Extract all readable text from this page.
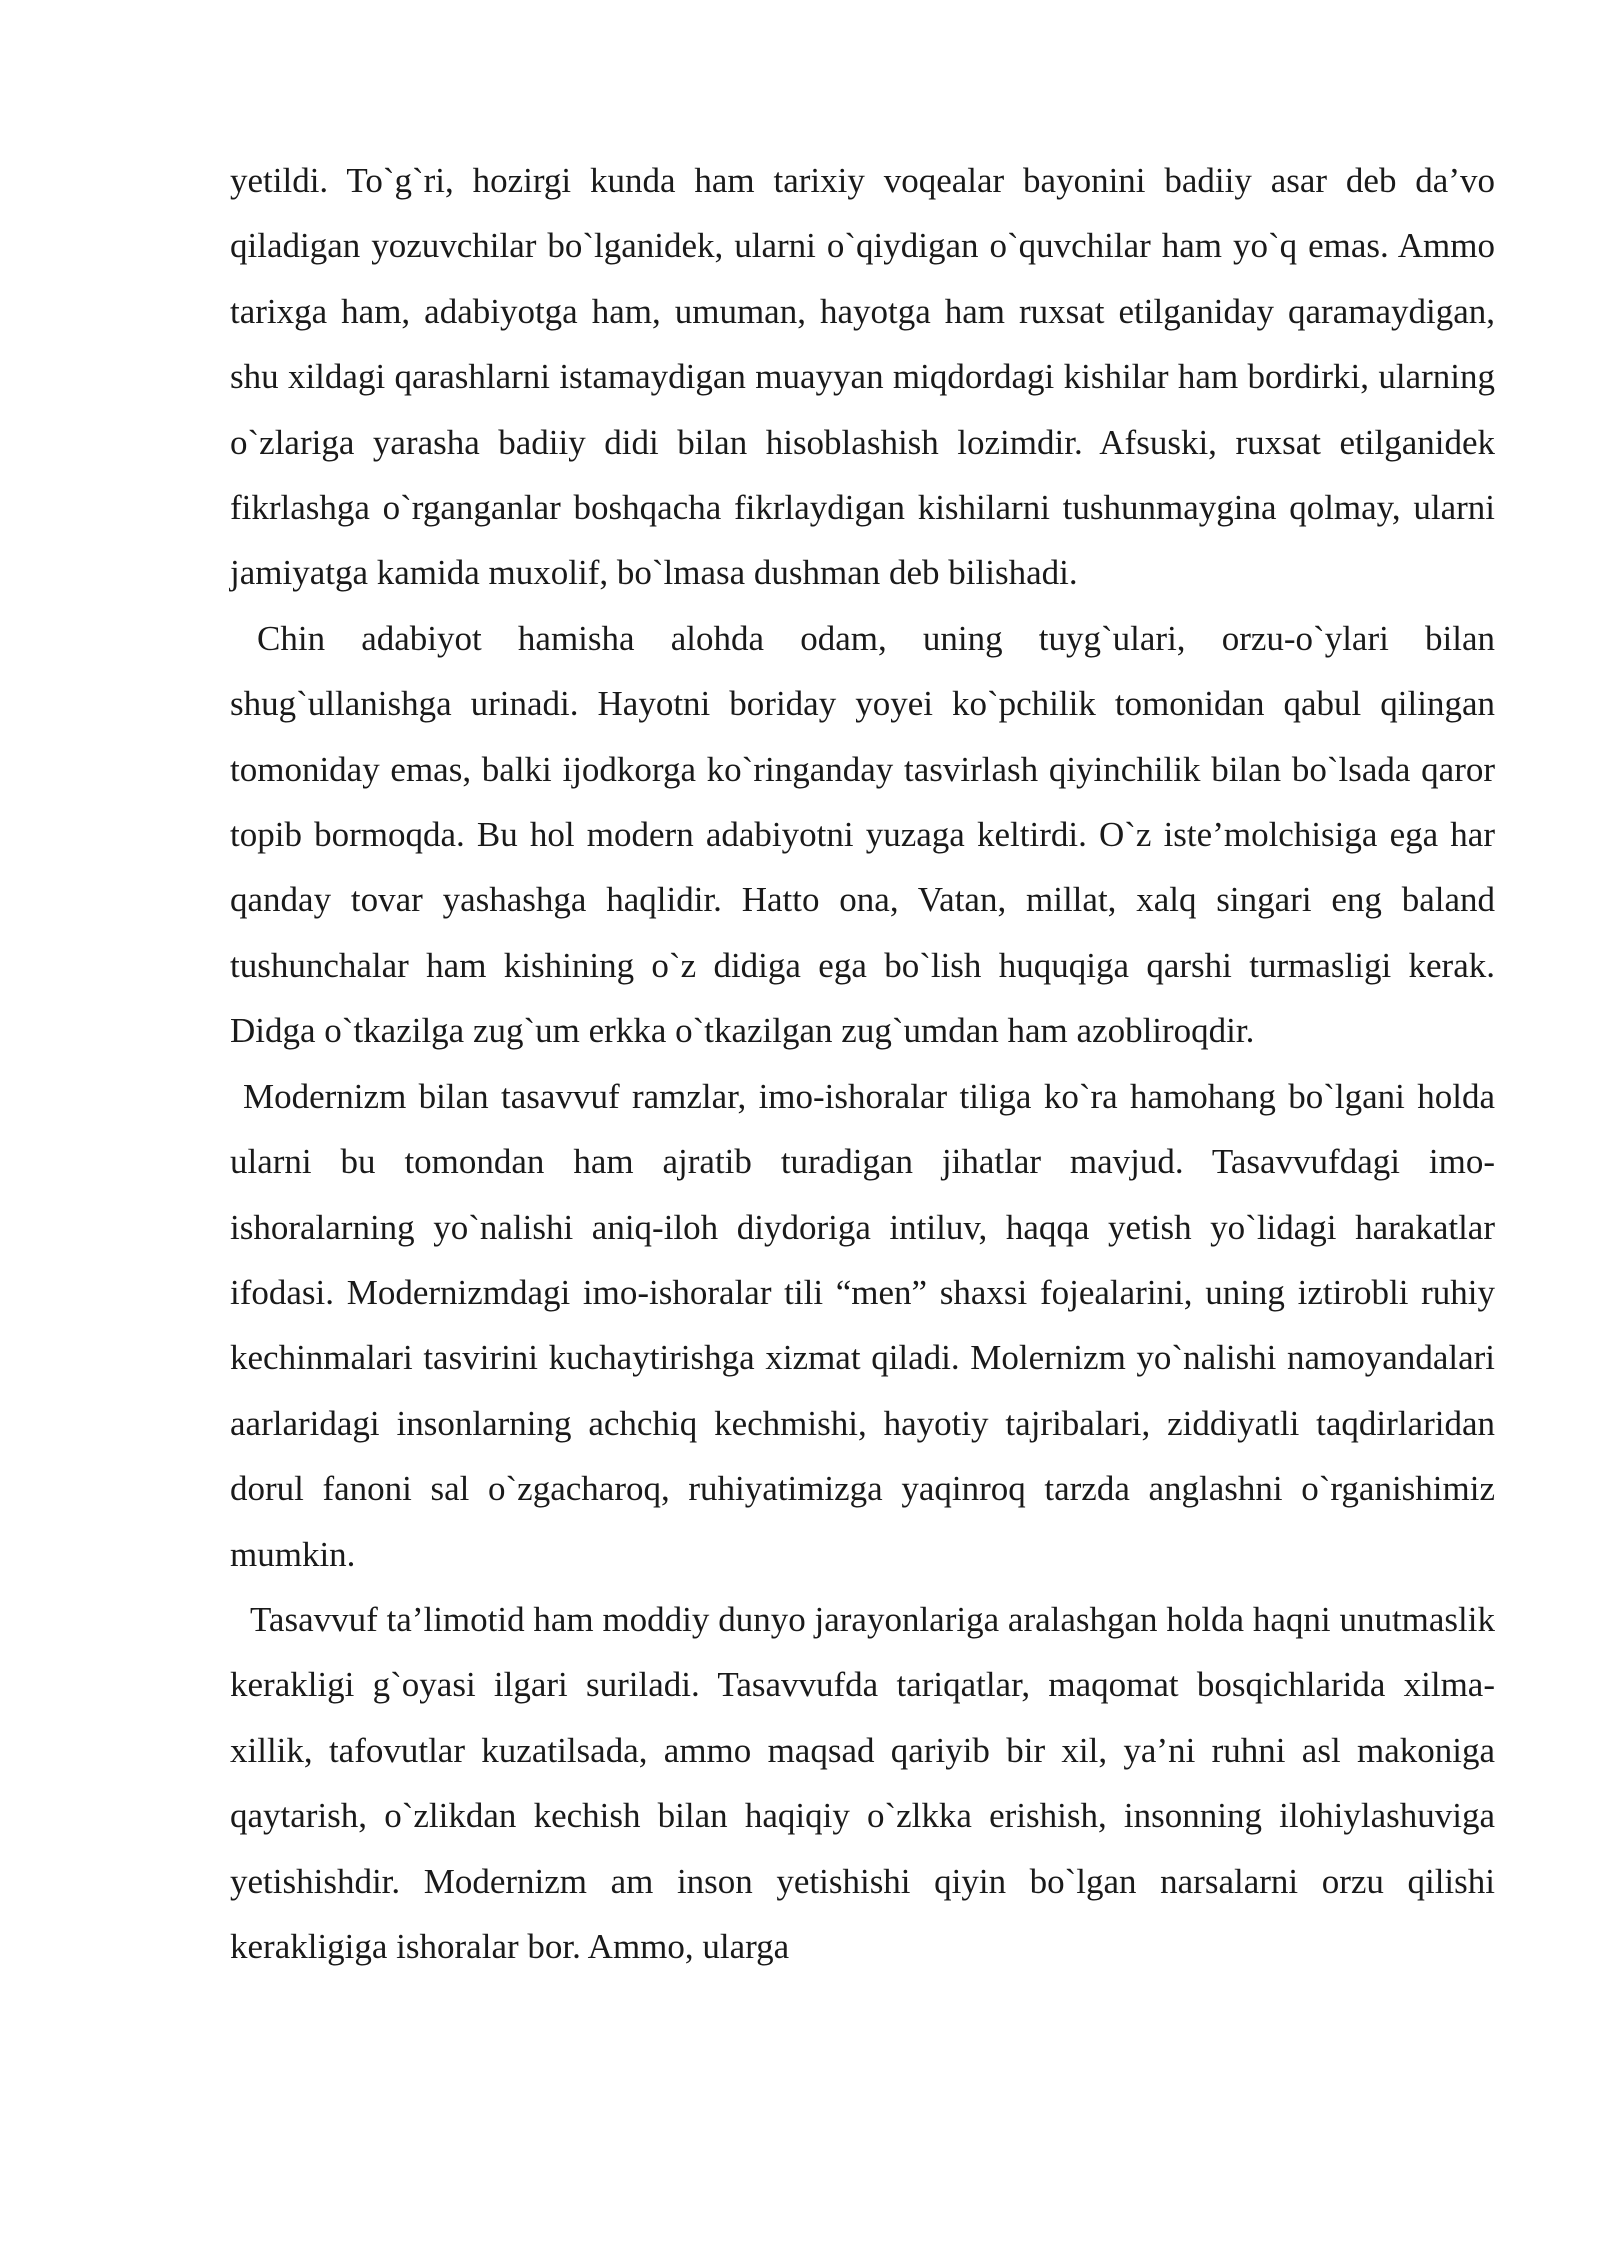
yetildi. To`g`ri, hozirgi kunda ham tarixiy voqealar bayonini badiiy asar deb da’vo qiladigan yozuvchilar bo`lganidek, ularni o`qiydigan o`quvchilar ham yo`q emas. Ammo tarixga ham, adabiyotga ham, umuman, hayotga ham ruxsat etilganiday qaramaydigan, shu xildagi qarashlarni istamaydigan muayyan miqdordagi kishilar ham bordirki, ularning o`zlariga yarasha badiiy didi bilan hisoblashish lozimdir. Afsuski, ruxsat etilganidek fikrlashga o`rganganlar boshqacha fikrlaydigan kishilarni tushunmaygina qolmay, ularni jamiyatga kamida muxolif, bo`lmasa dushman deb bilishadi.

Chin adabiyot hamisha alohda odam, uning tuyg`ulari, orzu-o`ylari bilan shug`ullanishga urinadi. Hayotni boriday yoyei ko`pchilik tomonidan qabul qilingan tomoniday emas, balki ijodkorga ko`ringanday tasvirlash qiyinchilik bilan bo`lsada qaror topib bormoqda. Bu hol modern adabiyotni yuzaga keltirdi. O`z iste’molchisiga ega har qanday tovar yashashga haqlidir. Hatto ona, Vatan, millat, xalq singari eng baland tushunchalar ham kishining o`z didiga ega bo`lish huquqiga qarshi turmasligi kerak. Didga o`tkazilga zug`um erkka o`tkazilgan zug`umdan ham azobliroqdir.

Modernizm bilan tasavvuf ramzlar, imo-ishoralar tiliga ko`ra hamohang bo`lgani holda ularni bu tomondan ham ajratib turadigan jihatlar mavjud. Tasavvufdagi imo-ishoralarning yo`nalishi aniq-iloh diydoriga intiluv, haqqa yetish yo`lidagi harakatlar ifodasi. Modernizmdagi imo-ishoralar tili “men” shaxsi fojealarini, uning iztirobli ruhiy kechinmalari tasvirini kuchaytirishga xizmat qiladi. Molernizm yo`nalishi namoyandalari aarlaridagi insonlarning achchiq kechmishi, hayotiy tajribalari, ziddiyatli taqdirlaridan dorul fanoni sal o`zgacharoq, ruhiyatimizga yaqinroq tarzda anglashni o`rganishimiz mumkin.

Tasavvuf ta’limotid ham moddiy dunyo jarayonlariga aralashgan holda haqni unutmaslik kerakligi g`oyasi ilgari suriladi. Tasavvufda tariqatlar, maqomat bosqichlarida xilma-xillik, tafovutlar kuzatilsada, ammo maqsad qariyib bir xil, ya’ni ruhni asl makoniga qaytarish, o`zlikdan kechish bilan haqiqiy o`zlkka erishish, insonning ilohiylashuviga yetishishdir. Modernizm am inson yetishishi qiyin bo`lgan narsalarni orzu qilishi kerakligiga ishoralar bor. Ammo, ularga
